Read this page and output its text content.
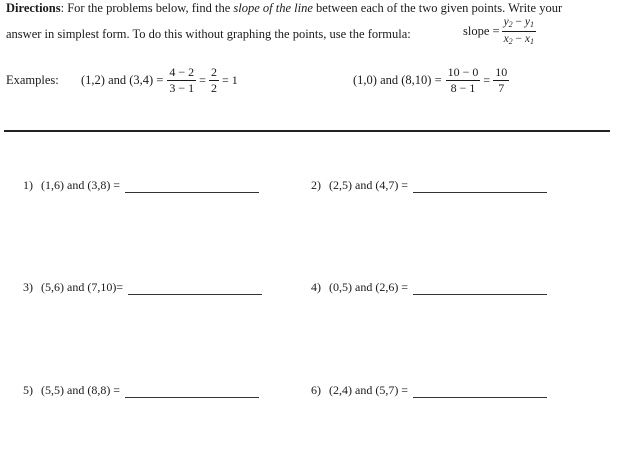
Directions: For the problems below, find the slope of the line between each of the two given points. Write your
answer in simplest form. To do this without graphing the points, use the formula:	slope = $\frac{y_2 - y_1}{x_2 - x_1}$
Examples: (1,2) and $(3,4) = \frac{4 - 2}{3 - 1} = \frac{2}{2} = 1$	(1,0) and $(8,10) = \frac{10 - 0}{8 - 1} = \frac{10}{7}$
1) (1,6) and (3,8) =	2) (2,5) and (4,7) =
3) (5,6) and (7,10)=	4) (0,5) and (2,6) =
5) (5,5) and (8,8) =	6) (2,4) and (5,7) =
